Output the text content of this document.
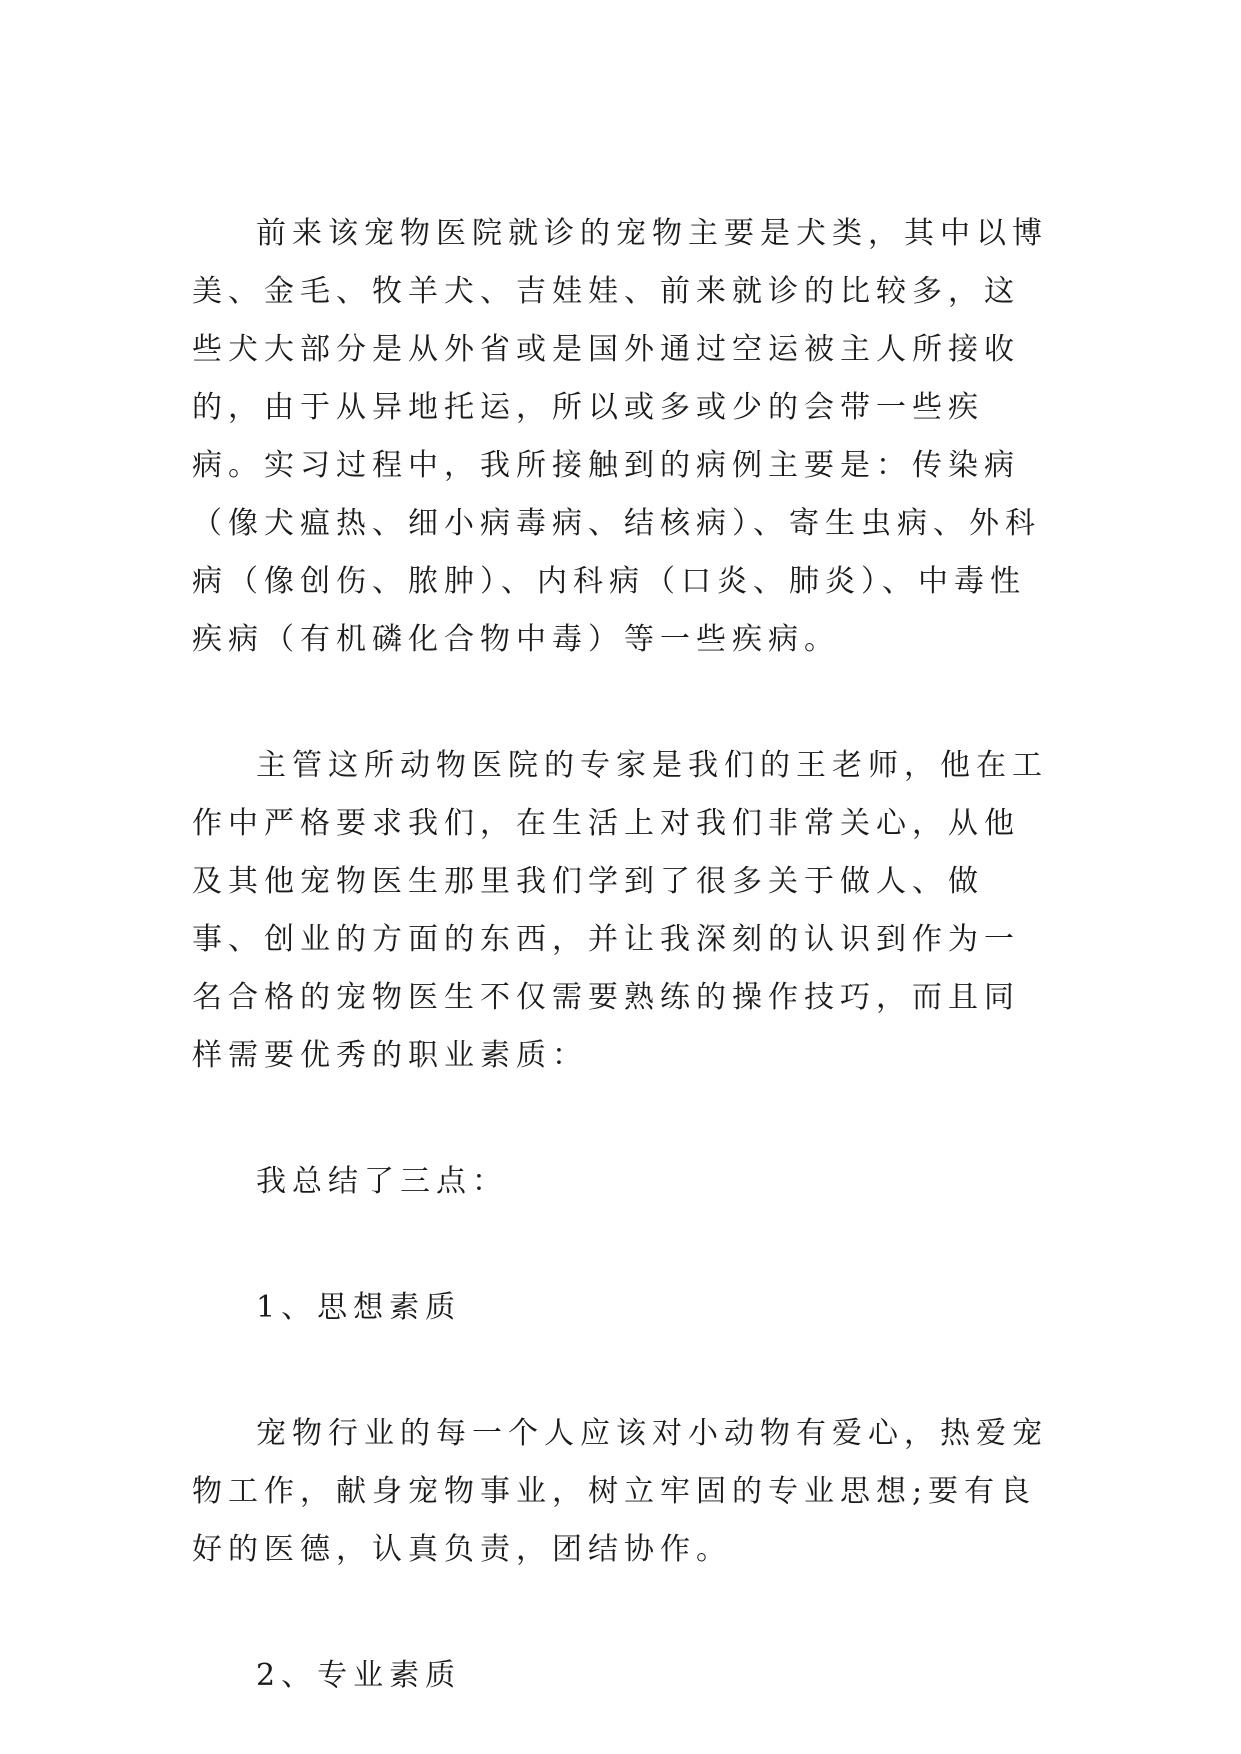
前来该宠物医院就诊的宠物主要是犬类，其中以博美、金毛、牧羊犬、吉娃娃、前来就诊的比较多，这些犬大部分是从外省或是国外通过空运被主人所接收的，由于从异地托运，所以或多或少的会带一些疾病。实习过程中，我所接触到的病例主要是：传染病（像犬瘟热、细小病毒病、结核病）、寄生虫病、外科病（像创伤、脓肿）、内科病（口炎、肺炎）、中毒性疾病（有机磷化合物中毒）等一些疾病。

主管这所动物医院的专家是我们的王老师，他在工作中严格要求我们，在生活上对我们非常关心，从他及其他宠物医生那里我们学到了很多关于做人、做事、创业的方面的东西，并让我深刻的认识到作为一名合格的宠物医生不仅需要熟练的操作技巧，而且同样需要优秀的职业素质：

我总结了三点：

1、思想素质

宠物行业的每一个人应该对小动物有爱心，热爱宠物工作，献身宠物事业，树立牢固的专业思想;要有良好的医德，认真负责，团结协作。

2、专业素质
